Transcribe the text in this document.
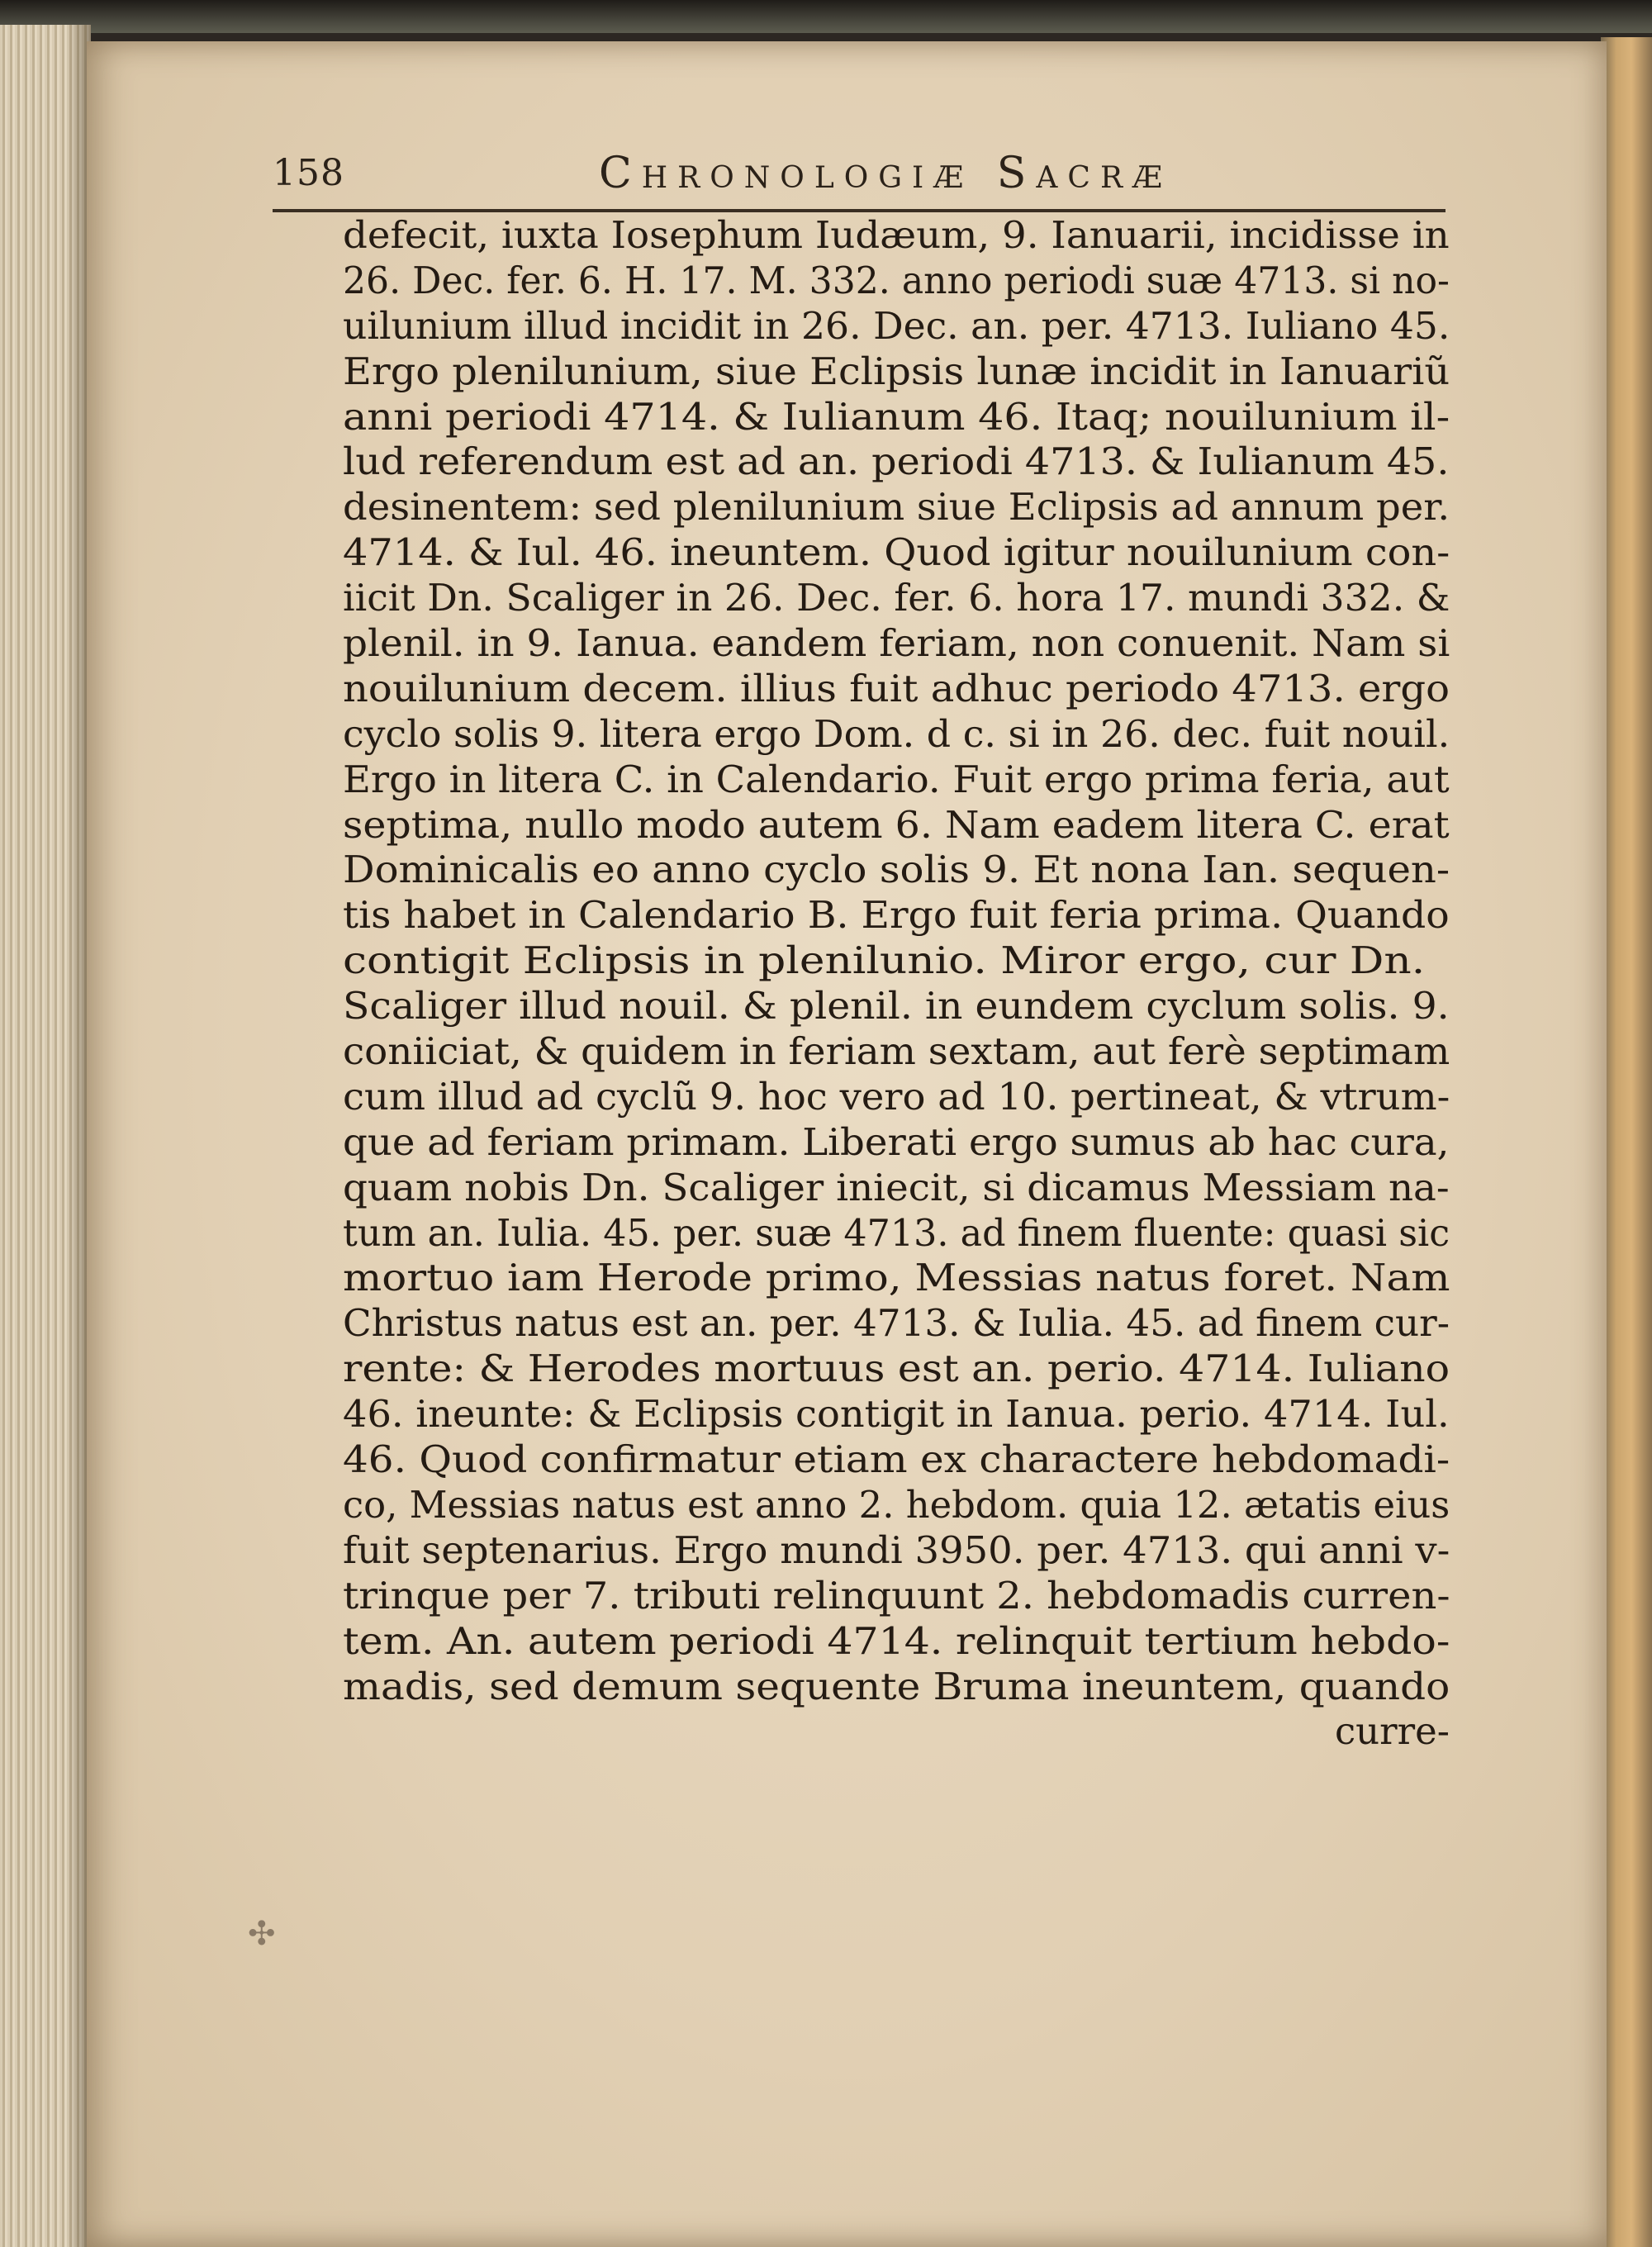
158	Chronologiæ Sacræ
defecit, iuxta Iosephum Iudæum, 9. Ianuarii, incidisse in
26. Dec. fer. 6. H. 17. M. 332. anno periodi suæ 4713. si no-
uilunium illud incidit in 26. Dec. an. per. 4713. Iuliano 45.
Ergo plenilunium, siue Eclipsis lunæ incidit in Ianuariũ
anni periodi 4714. & Iulianum 46. Itaq; nouilunium il-
lud referendum est ad an. periodi 4713. & Iulianum 45.
desinentem: sed plenilunium siue Eclipsis ad annum per.
4714. & Iul. 46. ineuntem. Quod igitur nouilunium con-
iicit Dn. Scaliger in 26. Dec. fer. 6. hora 17. mundi 332. &
plenil. in 9. Ianua. eandem feriam, non conuenit. Nam si
nouilunium decem. illius fuit adhuc periodo 4713. ergo
cyclo solis 9. litera ergo Dom. d c. si in 26. dec. fuit nouil.
Ergo in litera C. in Calendario. Fuit ergo prima feria, aut
septima, nullo modo autem 6. Nam eadem litera C. erat
Dominicalis eo anno cyclo solis 9. Et nona Ian. sequen-
tis habet in Calendario B. Ergo fuit feria prima. Quando
contigit Eclipsis in plenilunio. Miror ergo, cur Dn.
Scaliger illud nouil. & plenil. in eundem cyclum solis. 9.
coniiciat, & quidem in feriam sextam, aut ferè septimam
cum illud ad cyclũ 9. hoc vero ad 10. pertineat, & vtrum-
que ad feriam primam. Liberati ergo sumus ab hac cura,
quam nobis Dn. Scaliger iniecit, si dicamus Messiam na-
tum an. Iulia. 45. per. suæ 4713. ad finem fluente: quasi sic
mortuo iam Herode primo, Messias natus foret. Nam
Christus natus est an. per. 4713. & Iulia. 45. ad finem cur-
rente: & Herodes mortuus est an. perio. 4714. Iuliano
46. ineunte: & Eclipsis contigit in Ianua. perio. 4714. Iul.
46. Quod confirmatur etiam ex charactere hebdomadi-
co, Messias natus est anno 2. hebdom. quia 12. ætatis eius
fuit septenarius. Ergo mundi 3950. per. 4713. qui anni v-
trinque per 7. tributi relinquunt 2. hebdomadis curren-
tem. An. autem periodi 4714. relinquit tertium hebdo-
madis, sed demum sequente Bruma ineuntem, quando
curre-
✣
